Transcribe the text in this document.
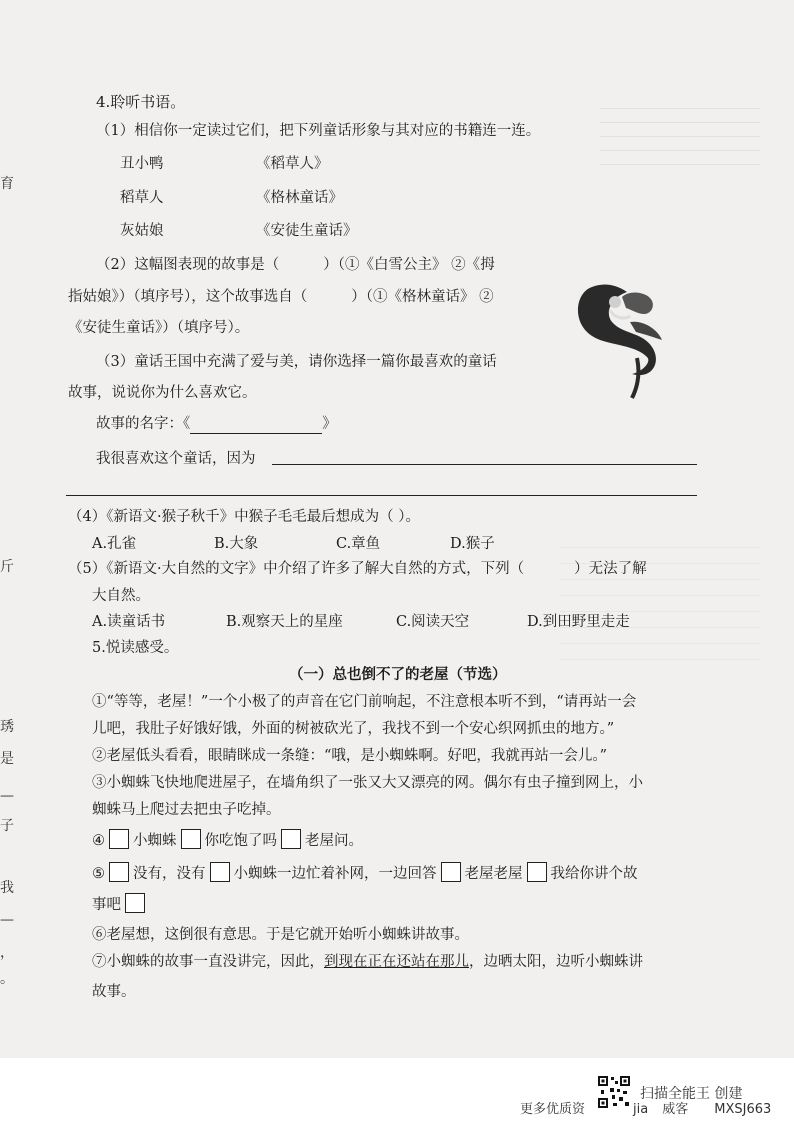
育
斤
琇
是
—
子
我
—
，
。
4.聆听书语。
（1）相信你一定读过它们，把下列童话形象与其对应的书籍连一连。
丑小鸭	《稻草人》
稻草人	《格林童话》
灰姑娘	《安徒生童话》
（2）这幅图表现的故事是（	）（①《白雪公主》 ②《拇
指姑娘》）（填序号），这个故事选自（	）（①《格林童话》 ②
《安徒生童话》）（填序号）。
（3）童话王国中充满了爱与美，请你选择一篇你最喜欢的童话
故事，说说你为什么喜欢它。
故事的名字：《	》
我很喜欢这个童话，因为
（4）《新语文·猴子秋千》中猴子毛毛最后想成为（ ）。
A.孔雀	B.大象	C.章鱼	D.猴子
（5）《新语文·大自然的文字》中介绍了许多了解大自然的方式，下列（	）无法了解
大自然。
A.读童话书	B.观察天上的星座	C.阅读天空	D.到田野里走走
5.悦读感受。
（一）总也倒不了的老屋（节选）
①“等等，老屋！”一个小极了的声音在它门前响起，不注意根本听不到，“请再站一会
儿吧，我肚子好饿好饿，外面的树被砍光了，我找不到一个安心织网抓虫的地方。”
②老屋低头看看，眼睛眯成一条缝：“哦，是小蜘蛛啊。好吧，我就再站一会儿。”
③小蜘蛛飞快地爬进屋子，在墙角织了一张又大又漂亮的网。偶尔有虫子撞到网上，小
蜘蛛马上爬过去把虫子吃掉。
④ 小蜘蛛 你吃饱了吗 老屋问。
⑤ 没有，没有 小蜘蛛一边忙着补网，一边回答 老屋老屋 我给你讲个故
事吧
⑥老屋想，这倒很有意思。于是它就开始听小蜘蛛讲故事。
⑦小蜘蛛的故事一直没讲完，因此，到现在正在还站在那儿，边晒太阳，边听小蜘蛛讲
故事。
扫描全能王 创建
更多优质资	jia 威客 MXSJ663
